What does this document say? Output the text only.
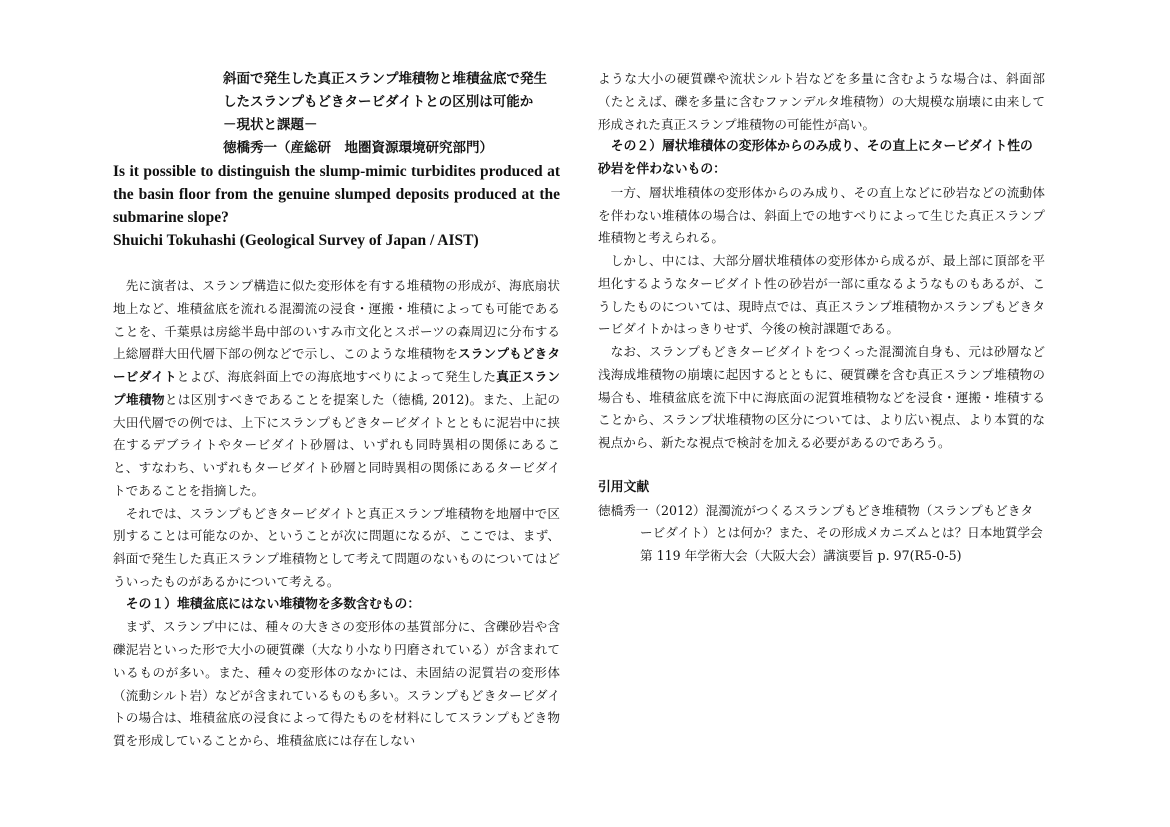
斜面で発生した真正スランプ堆積物と堆積盆底で発生
したスランプもどきタービダイトとの区別は可能か
－現状と課題－
徳橋秀一（産総研　地圏資源環境研究部門）
Is it possible to distinguish the slump-mimic turbidites produced at the basin floor from the genuine slumped deposits produced at the submarine slope?
Shuichi Tokuhashi (Geological Survey of Japan / AIST)

先に演者は、スランプ構造に似た変形体を有する堆積物の形成が、海底扇状地上など、堆積盆底を流れる混濁流の浸食・運搬・堆積によっても可能であることを、千葉県は房総半島中部のいすみ市文化とスポーツの森周辺に分布する上総層群大田代層下部の例などで示し、このような堆積物をスランプもどきタービダイトとよび、海底斜面上での海底地すべりによって発生した真正スランプ堆積物とは区別すべきであることを提案した（徳橋, 2012)。また、上記の大田代層での例では、上下にスランプもどきタービダイトとともに泥岩中に挟在するデブライトやタービダイト砂層は、いずれも同時異相の関係にあること、すなわち、いずれもタービダイト砂層と同時異相の関係にあるタービダイトであることを指摘した。

それでは、スランプもどきタービダイトと真正スランプ堆積物を地層中で区別することは可能なのか、ということが次に問題になるが、ここでは、まず、斜面で発生した真正スランプ堆積物として考えて問題のないものについてはどういったものがあるかについて考える。

その１）堆積盆底にはない堆積物を多数含むもの：

まず、スランプ中には、種々の大きさの変形体の基質部分に、含礫砂岩や含礫泥岩といった形で大小の硬質礫（大なり小なり円磨されている）が含まれているものが多い。また、種々の変形体のなかには、未固結の泥質岩の変形体（流動シルト岩）などが含まれているものも多い。スランプもどきタービダイトの場合は、堆積盆底の浸食によって得たものを材料にしてスランプもどき物質を形成していることから、堆積盆底には存在しない

ような大小の硬質礫や流状シルト岩などを多量に含むような場合は、斜面部（たとえば、礫を多量に含むファンデルタ堆積物）の大規模な崩壊に由来して形成された真正スランプ堆積物の可能性が高い。

その２）層状堆積体の変形体からのみ成り、その直上にタービダイト性の砂岩を伴わないもの：

一方、層状堆積体の変形体からのみ成り、その直上などに砂岩などの流動体を伴わない堆積体の場合は、斜面上での地すべりによって生じた真正スランプ堆積物と考えられる。

しかし、中には、大部分層状堆積体の変形体から成るが、最上部に頂部を平坦化するようなタービダイト性の砂岩が一部に重なるようなものもあるが、こうしたものについては、現時点では、真正スランプ堆積物かスランプもどきタービダイトかはっきりせず、今後の検討課題である。

なお、スランプもどきタービダイトをつくった混濁流自身も、元は砂層など浅海成堆積物の崩壊に起因するとともに、硬質礫を含む真正スランプ堆積物の場合も、堆積盆底を流下中に海底面の泥質堆積物などを浸食・運搬・堆積することから、スランプ状堆積物の区分については、より広い視点、より本質的な視点から、新たな視点で検討を加える必要があるのであろう。

引用文献

徳橋秀一（2012）混濁流がつくるスランプもどき堆積物（スランプもどきタービダイト）とは何か？また、その形成メカニズムとは？日本地質学会第 119 年学術大会（大阪大会）講演要旨 p. 97(R5-0-5)
